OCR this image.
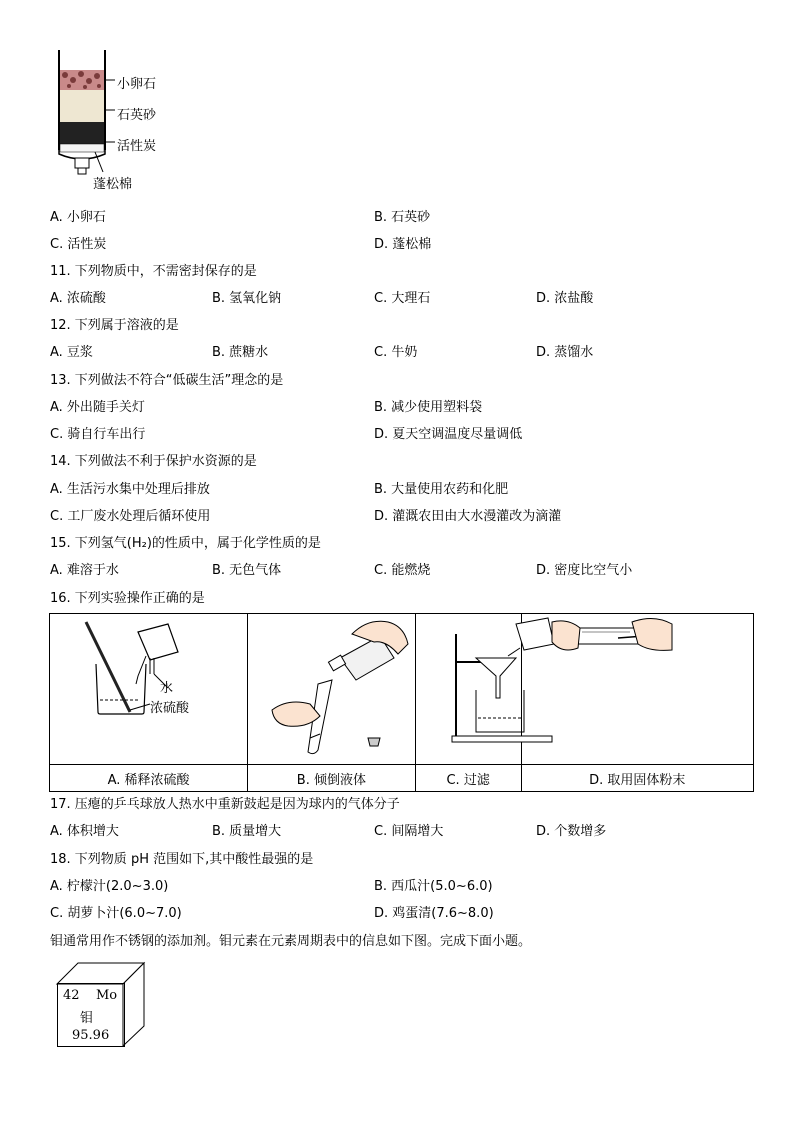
小卵石
石英砂
活性炭
蓬松棉
A. 小卵石	B. 石英砂
C. 活性炭	D. 蓬松棉
11. 下列物质中，不需密封保存的是
A. 浓硫酸	B. 氢氧化钠	C. 大理石	D. 浓盐酸
12. 下列属于溶液的是
A. 豆浆	B. 蔗糖水	C. 牛奶	D. 蒸馏水
13. 下列做法不符合“低碳生活”理念的是
A. 外出随手关灯	B. 减少使用塑料袋
C. 骑自行车出行	D. 夏天空调温度尽量调低
14. 下列做法不利于保护水资源的是
A. 生活污水集中处理后排放	B. 大量使用农药和化肥
C. 工厂废水处理后循环使用	D. 灌溉农田由大水漫灌改为滴灌
15. 下列氢气(H₂)的性质中，属于化学性质的是
A. 难溶于水	B. 无色气体	C. 能燃烧	D. 密度比空气小
16. 下列实验操作正确的是
水
浓硫酸

A. 稀释浓硫酸	B. 倾倒液体	C. 过滤	D. 取用固体粉末
17. 压瘪的乒乓球放人热水中重新鼓起是因为球内的气体分子
A. 体积增大	B. 质量增大	C. 间隔增大	D. 个数增多
18. 下列物质 pH 范围如下,其中酸性最强的是
A. 柠檬汁(2.0~3.0)	B. 西瓜汁(5.0~6.0)
C. 胡萝卜汁(6.0~7.0)	D. 鸡蛋清(7.6~8.0)
钼通常用作不锈钢的添加剂。钼元素在元素周期表中的信息如下图。完成下面小题。
42 Mo
钼
95.96
